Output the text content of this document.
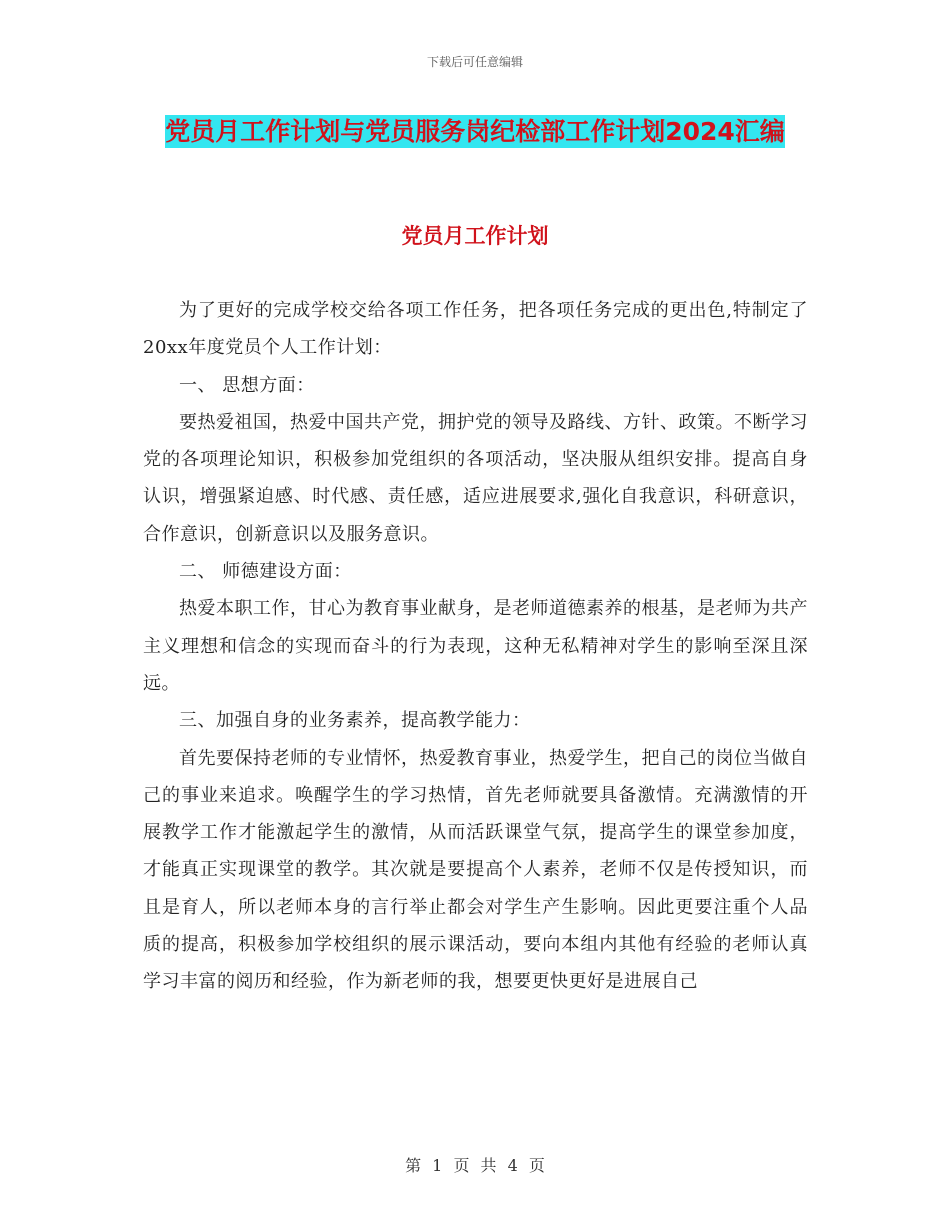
下载后可任意编辑
党员月工作计划与党员服务岗纪检部工作计划2024汇编
党员月工作计划

为了更好的完成学校交给各项工作任务，把各项任务完成的更出色,特制定了20xx年度党员个人工作计划：

一、 思想方面：

要热爱祖国，热爱中国共产党，拥护党的领导及路线、方针、政策。不断学习党的各项理论知识，积极参加党组织的各项活动，坚决服从组织安排。提高自身认识，增强紧迫感、时代感、责任感，适应进展要求,强化自我意识，科研意识，合作意识，创新意识以及服务意识。

二、 师德建设方面：

热爱本职工作，甘心为教育事业献身，是老师道德素养的根基，是老师为共产主义理想和信念的实现而奋斗的行为表现，这种无私精神对学生的影响至深且深远。

三、加强自身的业务素养，提高教学能力：

首先要保持老师的专业情怀，热爱教育事业，热爱学生，把自己的岗位当做自己的事业来追求。唤醒学生的学习热情，首先老师就要具备激情。充满激情的开展教学工作才能激起学生的激情，从而活跃课堂气氛，提高学生的课堂参加度，才能真正实现课堂的教学。其次就是要提高个人素养，老师不仅是传授知识，而且是育人，所以老师本身的言行举止都会对学生产生影响。因此更要注重个人品质的提高，积极参加学校组织的展示课活动，要向本组内其他有经验的老师认真学习丰富的阅历和经验，作为新老师的我，想要更快更好是进展自己

第 1 页 共 4 页
